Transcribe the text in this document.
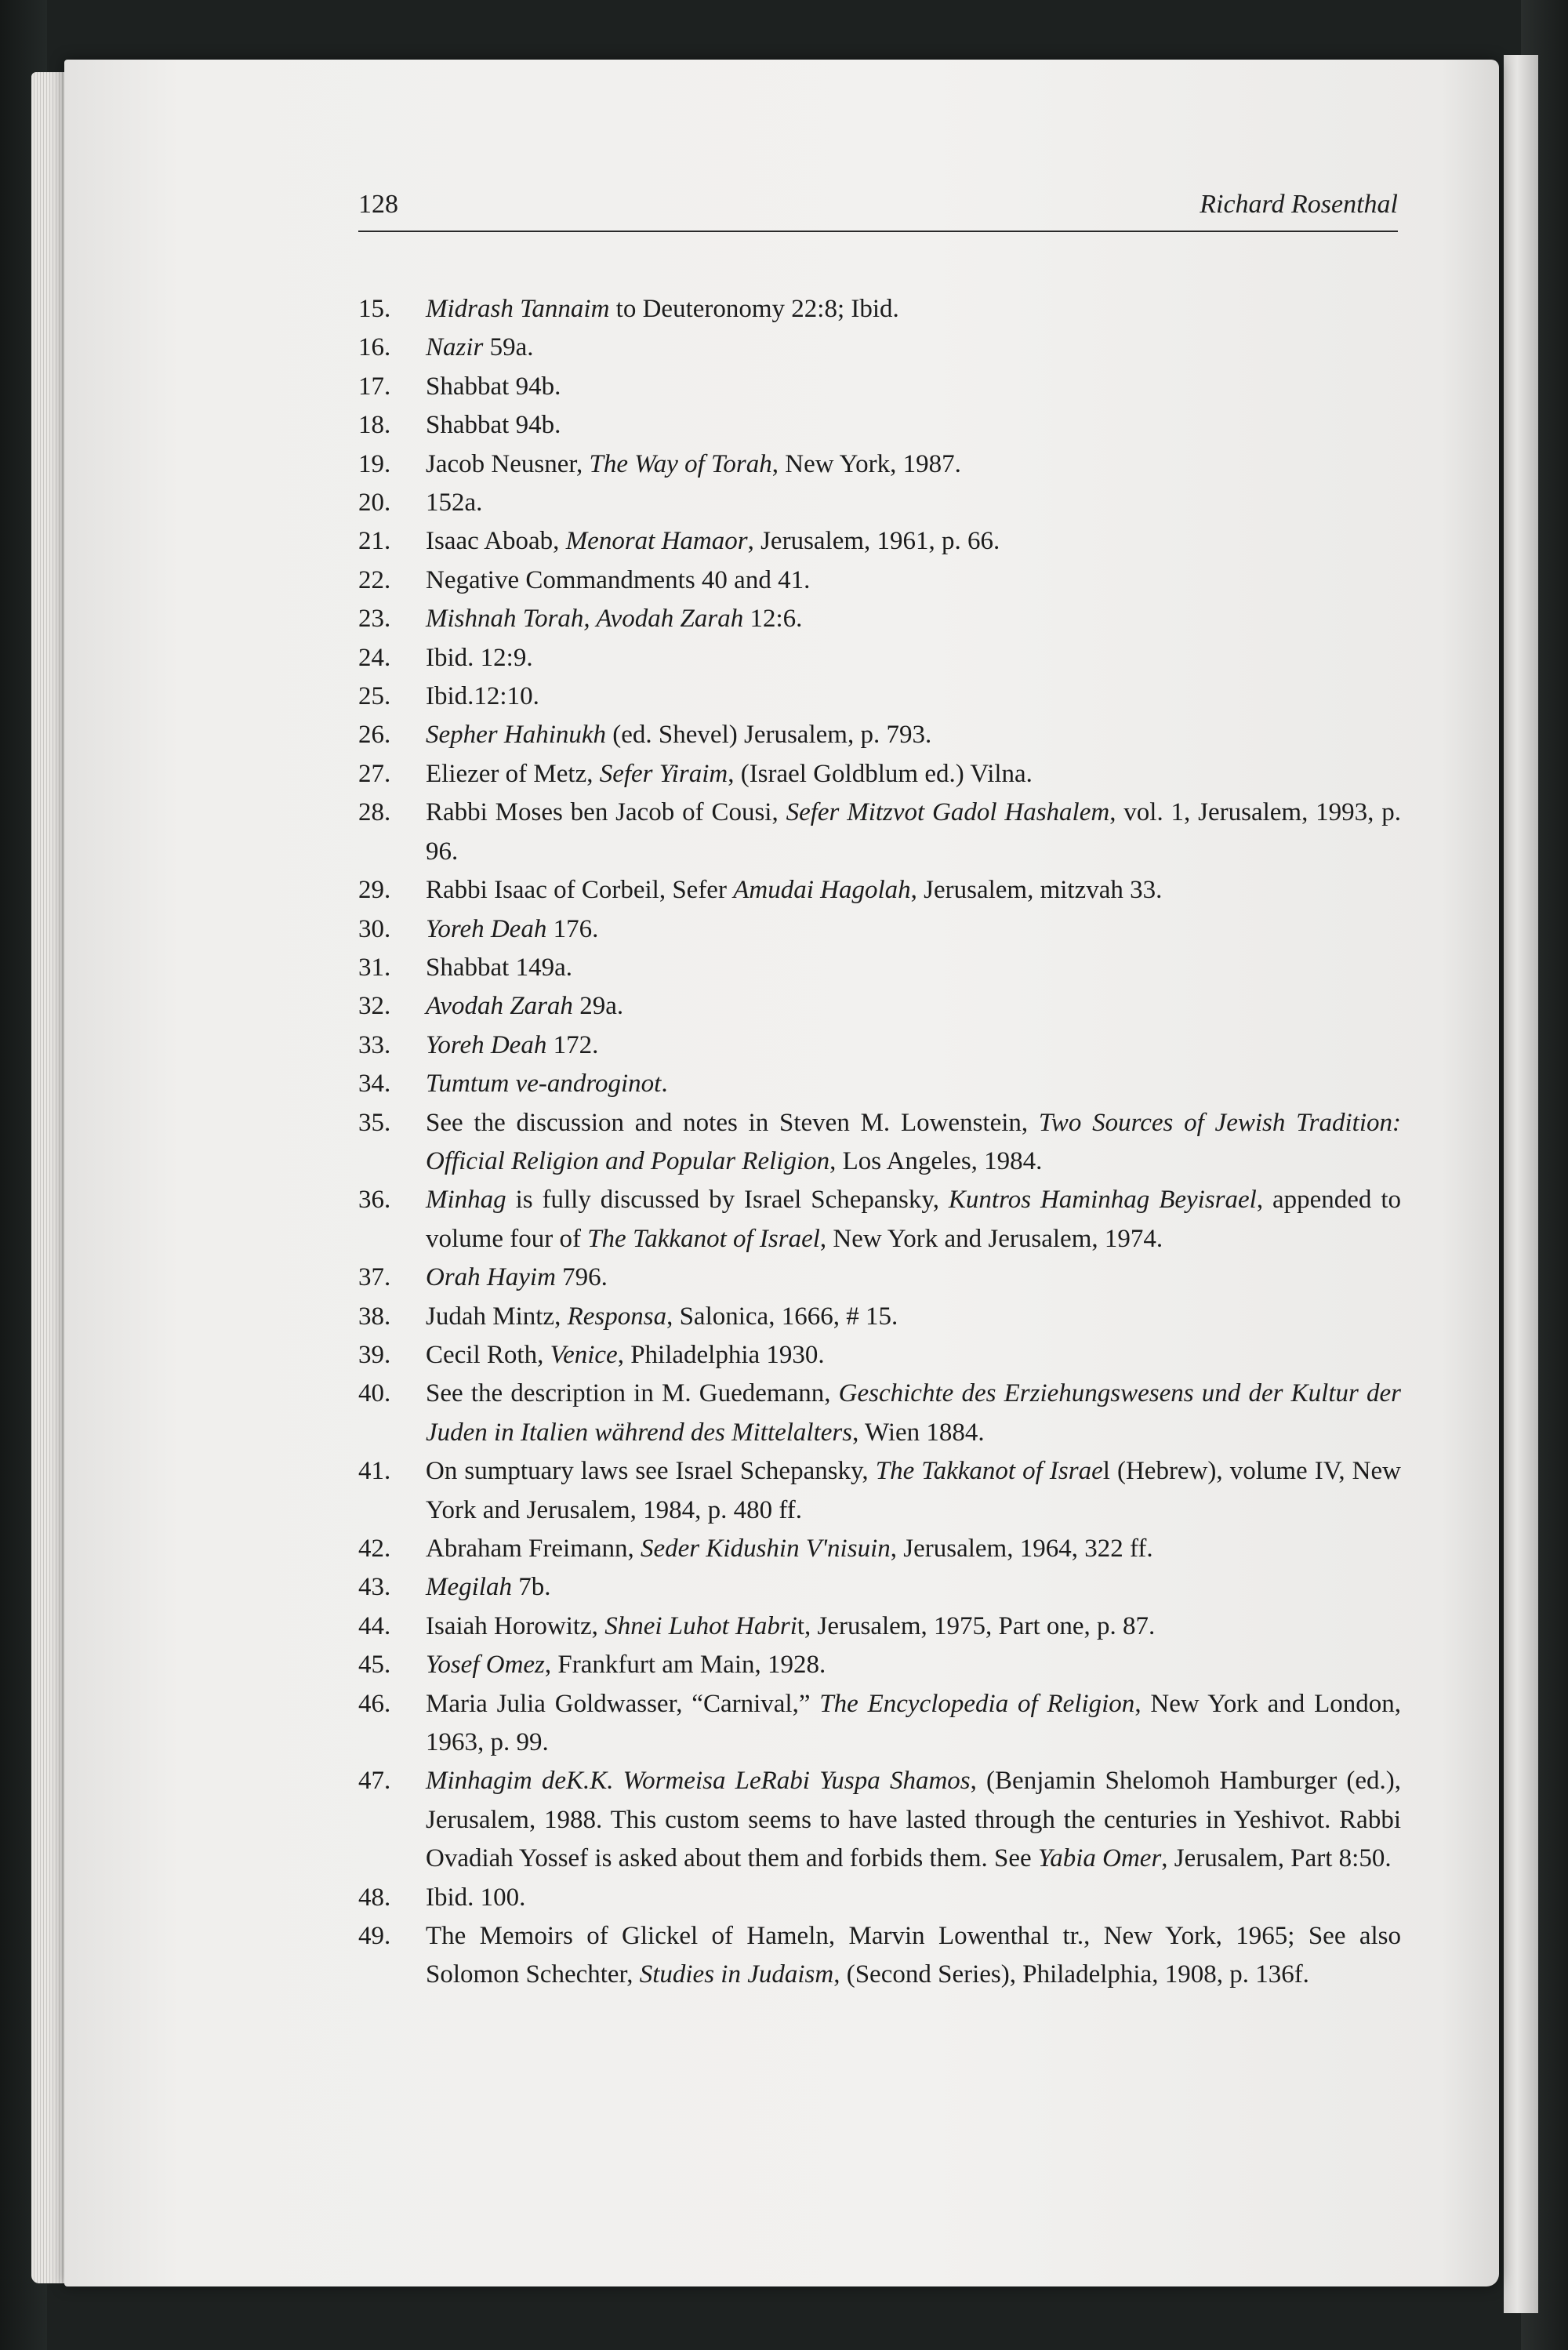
128	Richard Rosenthal
15. Midrash Tannaim to Deuteronomy 22:8; Ibid.
16. Nazir 59a.
17. Shabbat 94b.
18. Shabbat 94b.
19. Jacob Neusner, The Way of Torah, New York, 1987.
20. 152a.
21. Isaac Aboab, Menorat Hamaor, Jerusalem, 1961, p. 66.
22. Negative Commandments 40 and 41.
23. Mishnah Torah, Avodah Zarah 12:6.
24. Ibid. 12:9.
25. Ibid.12:10.
26. Sepher Hahinukh (ed. Shevel) Jerusalem, p. 793.
27. Eliezer of Metz, Sefer Yiraim, (Israel Goldblum ed.) Vilna.
28. Rabbi Moses ben Jacob of Cousi, Sefer Mitzvot Gadol Hashalem, vol. 1, Jerusalem, 1993, p. 96.
29. Rabbi Isaac of Corbeil, Sefer Amudai Hagolah, Jerusalem, mitzvah 33.
30. Yoreh Deah 176.
31. Shabbat 149a.
32. Avodah Zarah 29a.
33. Yoreh Deah 172.
34. Tumtum ve-androginot.
35. See the discussion and notes in Steven M. Lowenstein, Two Sources of Jewish Tradition: Official Religion and Popular Religion, Los Angeles, 1984.
36. Minhag is fully discussed by Israel Schepansky, Kuntros Haminhag Beyisrael, appended to volume four of The Takkanot of Israel, New York and Jerusalem, 1974.
37. Orah Hayim 796.
38. Judah Mintz, Responsa, Salonica, 1666, # 15.
39. Cecil Roth, Venice, Philadelphia 1930.
40. See the description in M. Guedemann, Geschichte des Erziehungswesens und der Kultur der Juden in Italien während des Mittelalters, Wien 1884.
41. On sumptuary laws see Israel Schepansky, The Takkanot of Israel (Hebrew), volume IV, New York and Jerusalem, 1984, p. 480 ff.
42. Abraham Freimann, Seder Kidushin V'nisuin, Jerusalem, 1964, 322 ff.
43. Megilah 7b.
44. Isaiah Horowitz, Shnei Luhot Habrit, Jerusalem, 1975, Part one, p. 87.
45. Yosef Omez, Frankfurt am Main, 1928.
46. Maria Julia Goldwasser, “Carnival,” The Encyclopedia of Religion, New York and London, 1963, p. 99.
47. Minhagim deK.K. Wormeisa LeRabi Yuspa Shamos, (Benjamin Shelomoh Hamburger (ed.), Jerusalem, 1988. This custom seems to have lasted through the centuries in Yeshivot. Rabbi Ovadiah Yossef is asked about them and forbids them. See Yabia Omer, Jerusalem, Part 8:50.
48. Ibid. 100.
49. The Memoirs of Glickel of Hameln, Marvin Lowenthal tr., New York, 1965; See also Solomon Schechter, Studies in Judaism, (Second Series), Philadelphia, 1908, p. 136f.
